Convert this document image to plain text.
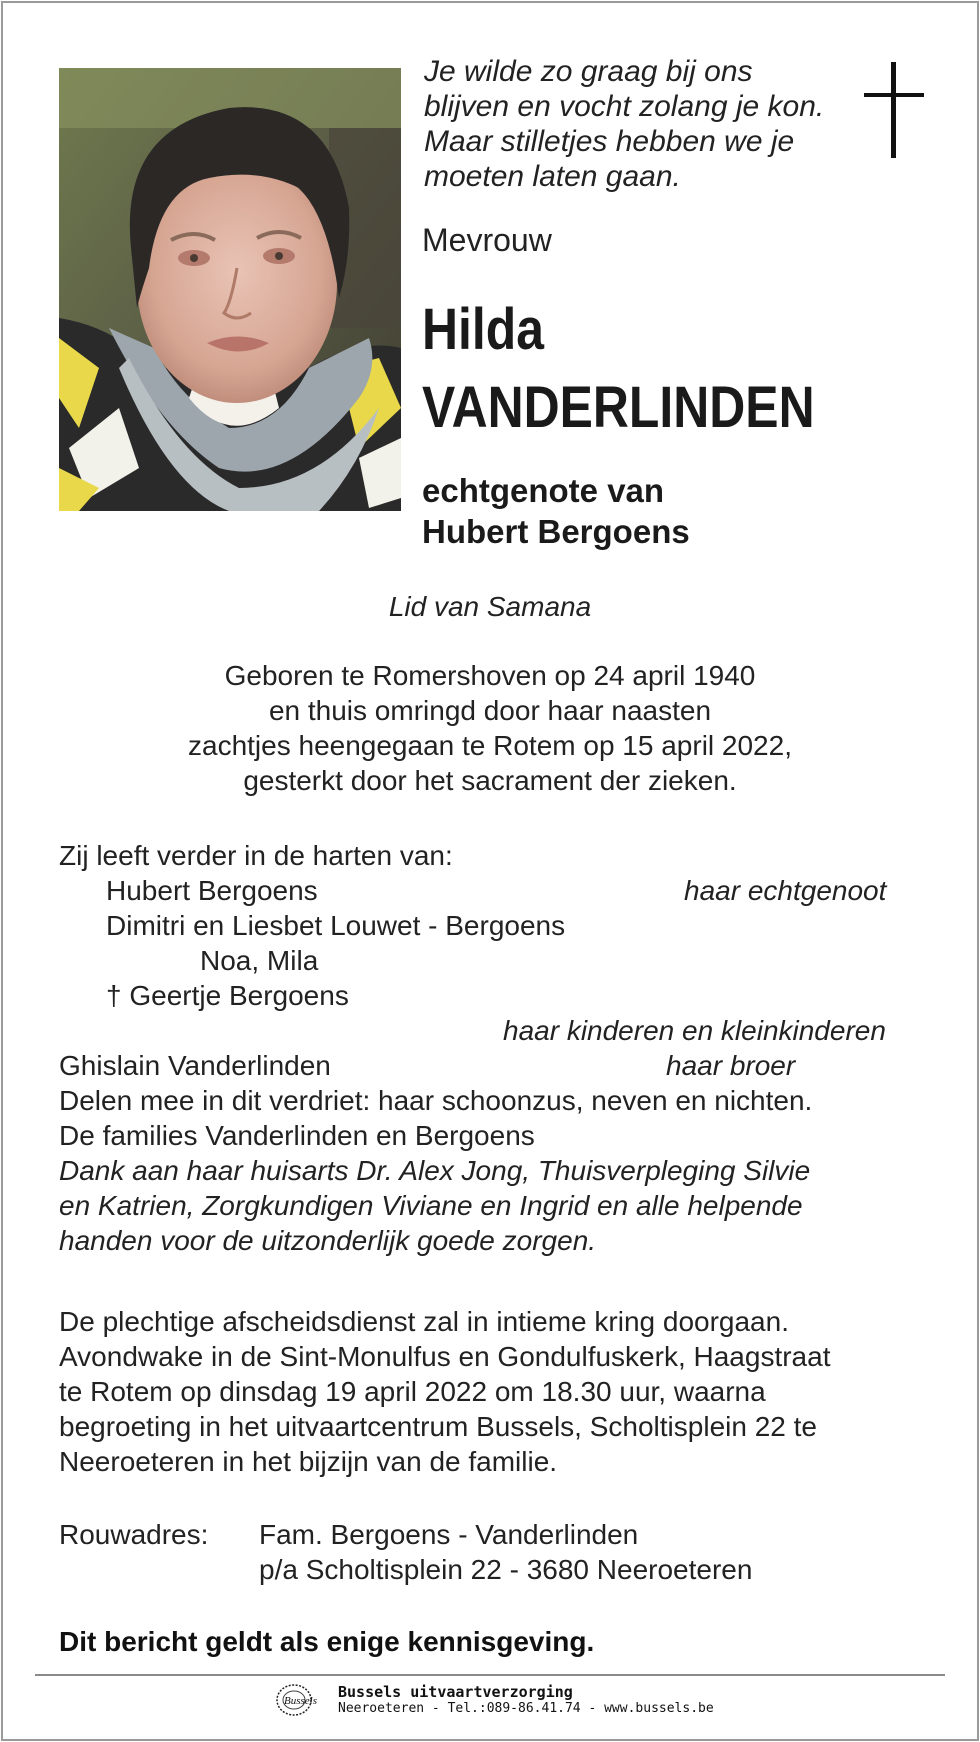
Je wilde zo graag bij ons
blijven en vocht zolang je kon.
Maar stilletjes hebben we je
moeten laten gaan.
Mevrouw
Hilda
VANDERLINDEN
echtgenote van
Hubert Bergoens
Lid van Samana
Geboren te Romershoven op 24 april 1940
en thuis omringd door haar naasten
zachtjes heengegaan te Rotem op 15 april 2022,
gesterkt door het sacrament der zieken.
Zij leeft verder in de harten van:
Hubert Bergoens	haar echtgenoot
Dimitri en Liesbet Louwet - Bergoens
Noa, Mila
† Geertje Bergoens
haar kinderen en kleinkinderen
Ghislain Vanderlinden	haar broer
Delen mee in dit verdriet: haar schoonzus, neven en nichten.
De families Vanderlinden en Bergoens
Dank aan haar huisarts Dr. Alex Jong, Thuisverpleging Silvie
en Katrien, Zorgkundigen Viviane en Ingrid en alle helpende
handen voor de uitzonderlijk goede zorgen.
De plechtige afscheidsdienst zal in intieme kring doorgaan.
Avondwake in de Sint-Monulfus en Gondulfuskerk, Haagstraat
te Rotem op dinsdag 19 april 2022 om 18.30 uur, waarna
begroeting in het uitvaartcentrum Bussels, Scholtisplein 22 te
Neeroeteren in het bijzijn van de familie.
Rouwadres: Fam. Bergoens - Vanderlinden
p/a Scholtisplein 22 - 3680 Neeroeteren
Dit bericht geldt als enige kennisgeving.
Bussels Bussels uitvaartverzorging
Neeroeteren - Tel.:089-86.41.74 - www.bussels.be
